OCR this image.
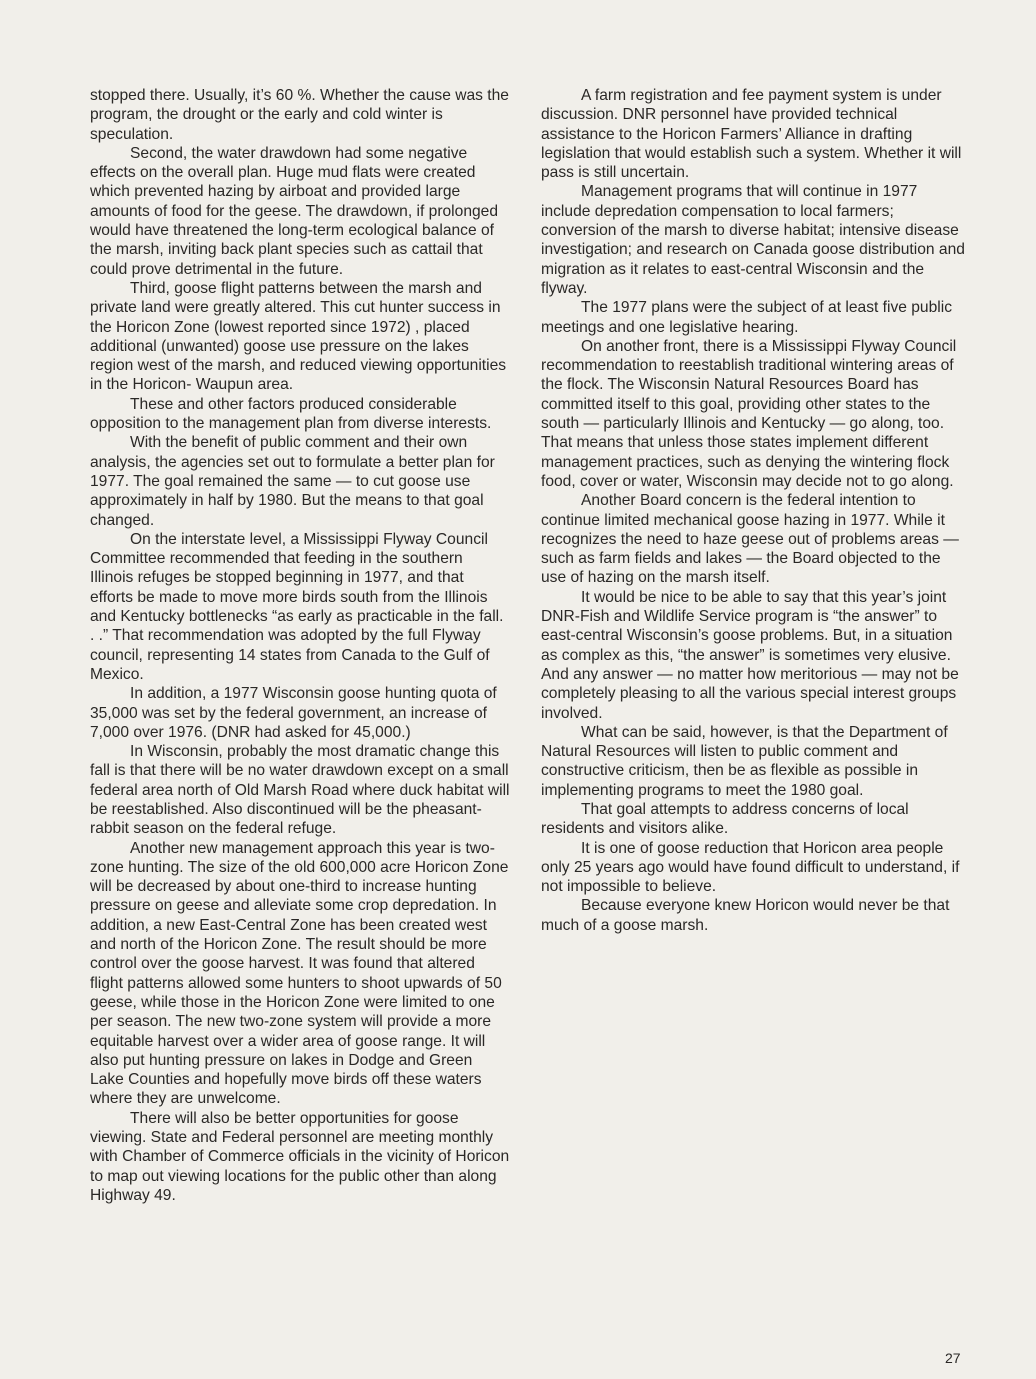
stopped there. Usually, it’s 60 %. Whether the cause was the program, the drought or the early and cold winter is speculation.

Second, the water drawdown had some negative effects on the overall plan. Huge mud flats were created which prevented hazing by airboat and provided large amounts of food for the geese. The drawdown, if prolonged would have threatened the long-term ecological balance of the marsh, inviting back plant species such as cattail that could prove detrimental in the future.

Third, goose flight patterns between the marsh and private land were greatly altered. This cut hunter success in the Horicon Zone (lowest reported since 1972) , placed additional (unwanted) goose use pressure on the lakes region west of the marsh, and reduced viewing opportunities in the Horicon- Waupun area.

These and other factors produced considerable opposition to the management plan from diverse interests.

With the benefit of public comment and their own analysis, the agencies set out to formulate a better plan for 1977. The goal remained the same — to cut goose use approximately in half by 1980. But the means to that goal changed.

On the interstate level, a Mississippi Flyway Council Committee recommended that feeding in the southern Illinois refuges be stopped beginning in 1977, and that efforts be made to move more birds south from the Illinois and Kentucky bottlenecks “as early as practicable in the fall. . .” That recommendation was adopted by the full Flyway council, representing 14 states from Canada to the Gulf of Mexico.

In addition, a 1977 Wisconsin goose hunting quota of 35,000 was set by the federal government, an increase of 7,000 over 1976. (DNR had asked for 45,000.)

In Wisconsin, probably the most dramatic change this fall is that there will be no water drawdown except on a small federal area north of Old Marsh Road where duck habitat will be reestablished. Also discontinued will be the pheasant-rabbit season on the federal refuge.

Another new management approach this year is two-zone hunting. The size of the old 600,000 acre Horicon Zone will be decreased by about one-third to increase hunting pressure on geese and alleviate some crop depredation. In addition, a new East-Central Zone has been created west and north of the Horicon Zone. The result should be more control over the goose harvest. It was found that altered flight patterns allowed some hunters to shoot upwards of 50 geese, while those in the Horicon Zone were limited to one per season. The new two-zone system will provide a more equitable harvest over a wider area of goose range. It will also put hunting pressure on lakes in Dodge and Green Lake Counties and hopefully move birds off these waters where they are unwelcome.

There will also be better opportunities for goose viewing. State and Federal personnel are meeting monthly with Chamber of Commerce officials in the vicinity of Horicon to map out viewing locations for the public other than along Highway 49.

A farm registration and fee payment system is under discussion. DNR personnel have provided technical assistance to the Horicon Farmers’ Alliance in drafting legislation that would establish such a system. Whether it will pass is still uncertain.

Management programs that will continue in 1977 include depredation compensation to local farmers; conversion of the marsh to diverse habitat; intensive disease investigation; and research on Canada goose distribution and migration as it relates to east-central Wisconsin and the flyway.

The 1977 plans were the subject of at least five public meetings and one legislative hearing.

On another front, there is a Mississippi Flyway Council recommendation to reestablish traditional wintering areas of the flock. The Wisconsin Natural Resources Board has committed itself to this goal, providing other states to the south — particularly Illinois and Kentucky — go along, too. That means that unless those states implement different management practices, such as denying the wintering flock food, cover or water, Wisconsin may decide not to go along.

Another Board concern is the federal intention to continue limited mechanical goose hazing in 1977. While it recognizes the need to haze geese out of problems areas — such as farm fields and lakes — the Board objected to the use of hazing on the marsh itself.

It would be nice to be able to say that this year’s joint DNR-Fish and Wildlife Service program is “the answer” to east-central Wisconsin’s goose problems. But, in a situation as complex as this, “the answer” is sometimes very elusive. And any answer — no matter how meritorious — may not be completely pleasing to all the various special interest groups involved.

What can be said, however, is that the Department of Natural Resources will listen to public comment and constructive criticism, then be as flexible as possible in implementing programs to meet the 1980 goal.

That goal attempts to address concerns of local residents and visitors alike.

It is one of goose reduction that Horicon area people only 25 years ago would have found difficult to understand, if not impossible to believe.

Because everyone knew Horicon would never be that much of a goose marsh.

27
